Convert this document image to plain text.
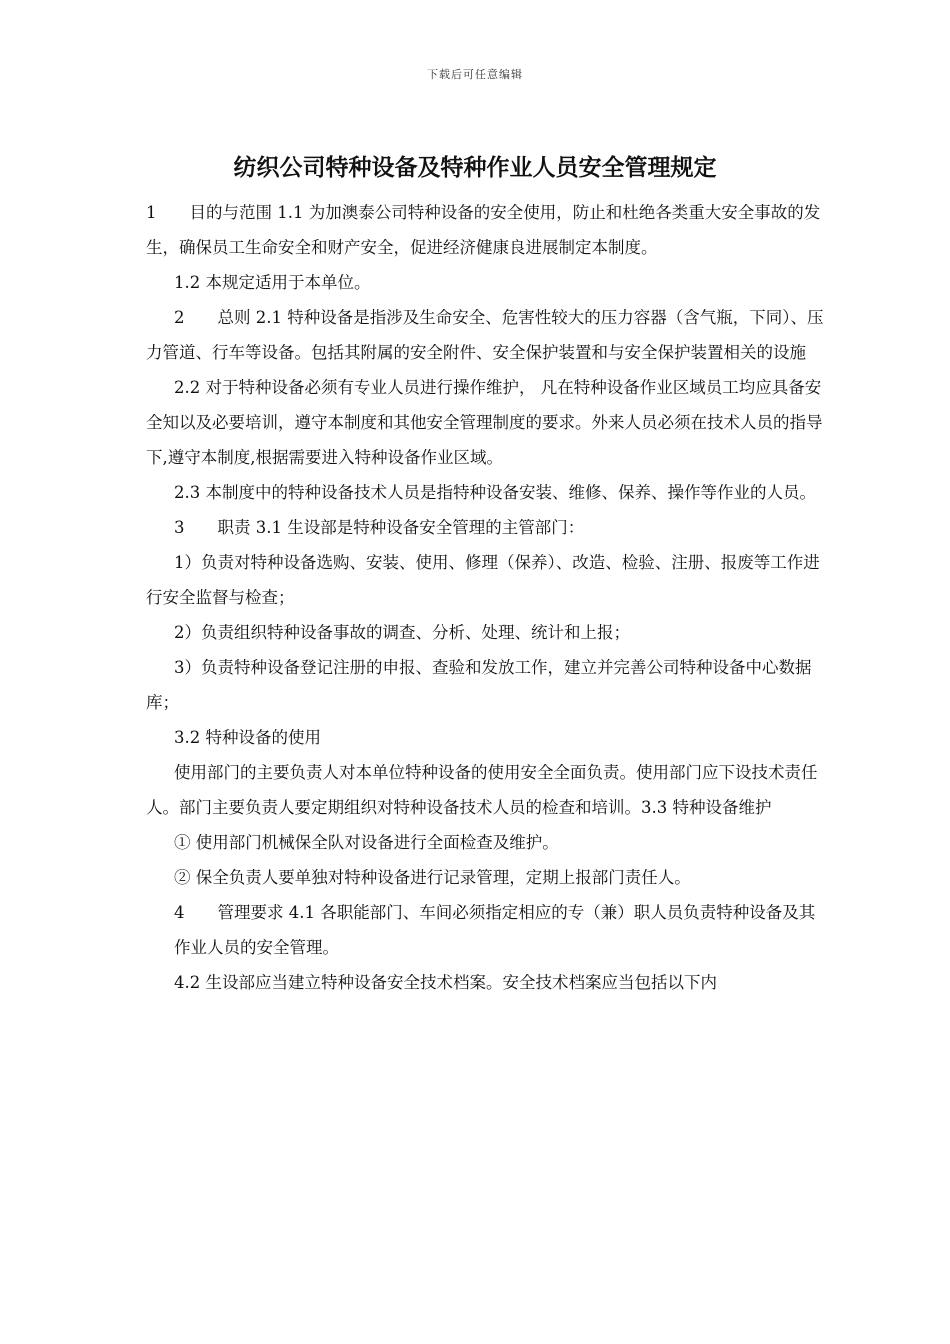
下载后可任意编辑
纺织公司特种设备及特种作业人员安全管理规定

1　　目的与范围 1.1 为加澳泰公司特种设备的安全使用，防止和杜绝各类重大安全事故的发生，确保员工生命安全和财产安全，促进经济健康良进展制定本制度。

1.2 本规定适用于本单位。

2　　总则 2.1 特种设备是指涉及生命安全、危害性较大的压力容器（含气瓶，下同）、压力管道、行车等设备。包括其附属的安全附件、安全保护装置和与安全保护装置相关的设施

2.2 对于特种设备必须有专业人员进行操作维护， 凡在特种设备作业区域员工均应具备安全知以及必要培训，遵守本制度和其他安全管理制度的要求。外来人员必须在技术人员的指导下,遵守本制度,根据需要进入特种设备作业区域。

2.3 本制度中的特种设备技术人员是指特种设备安装、维修、保养、操作等作业的人员。

3　　职责 3.1 生设部是特种设备安全管理的主管部门：

1）负责对特种设备选购、安装、使用、修理（保养）、改造、检验、注册、报废等工作进行安全监督与检查；

2）负责组织特种设备事故的调查、分析、处理、统计和上报；

3）负责特种设备登记注册的申报、查验和发放工作，建立并完善公司特种设备中心数据库；

3.2 特种设备的使用

使用部门的主要负责人对本单位特种设备的使用安全全面负责。使用部门应下设技术责任人。部门主要负责人要定期组织对特种设备技术人员的检查和培训。3.3 特种设备维护

① 使用部门机械保全队对设备进行全面检查及维护。

② 保全负责人要单独对特种设备进行记录管理，定期上报部门责任人。

4　　管理要求 4.1 各职能部门、车间必须指定相应的专（兼）职人员负责特种设备及其

作业人员的安全管理。

4.2 生设部应当建立特种设备安全技术档案。安全技术档案应当包括以下内
